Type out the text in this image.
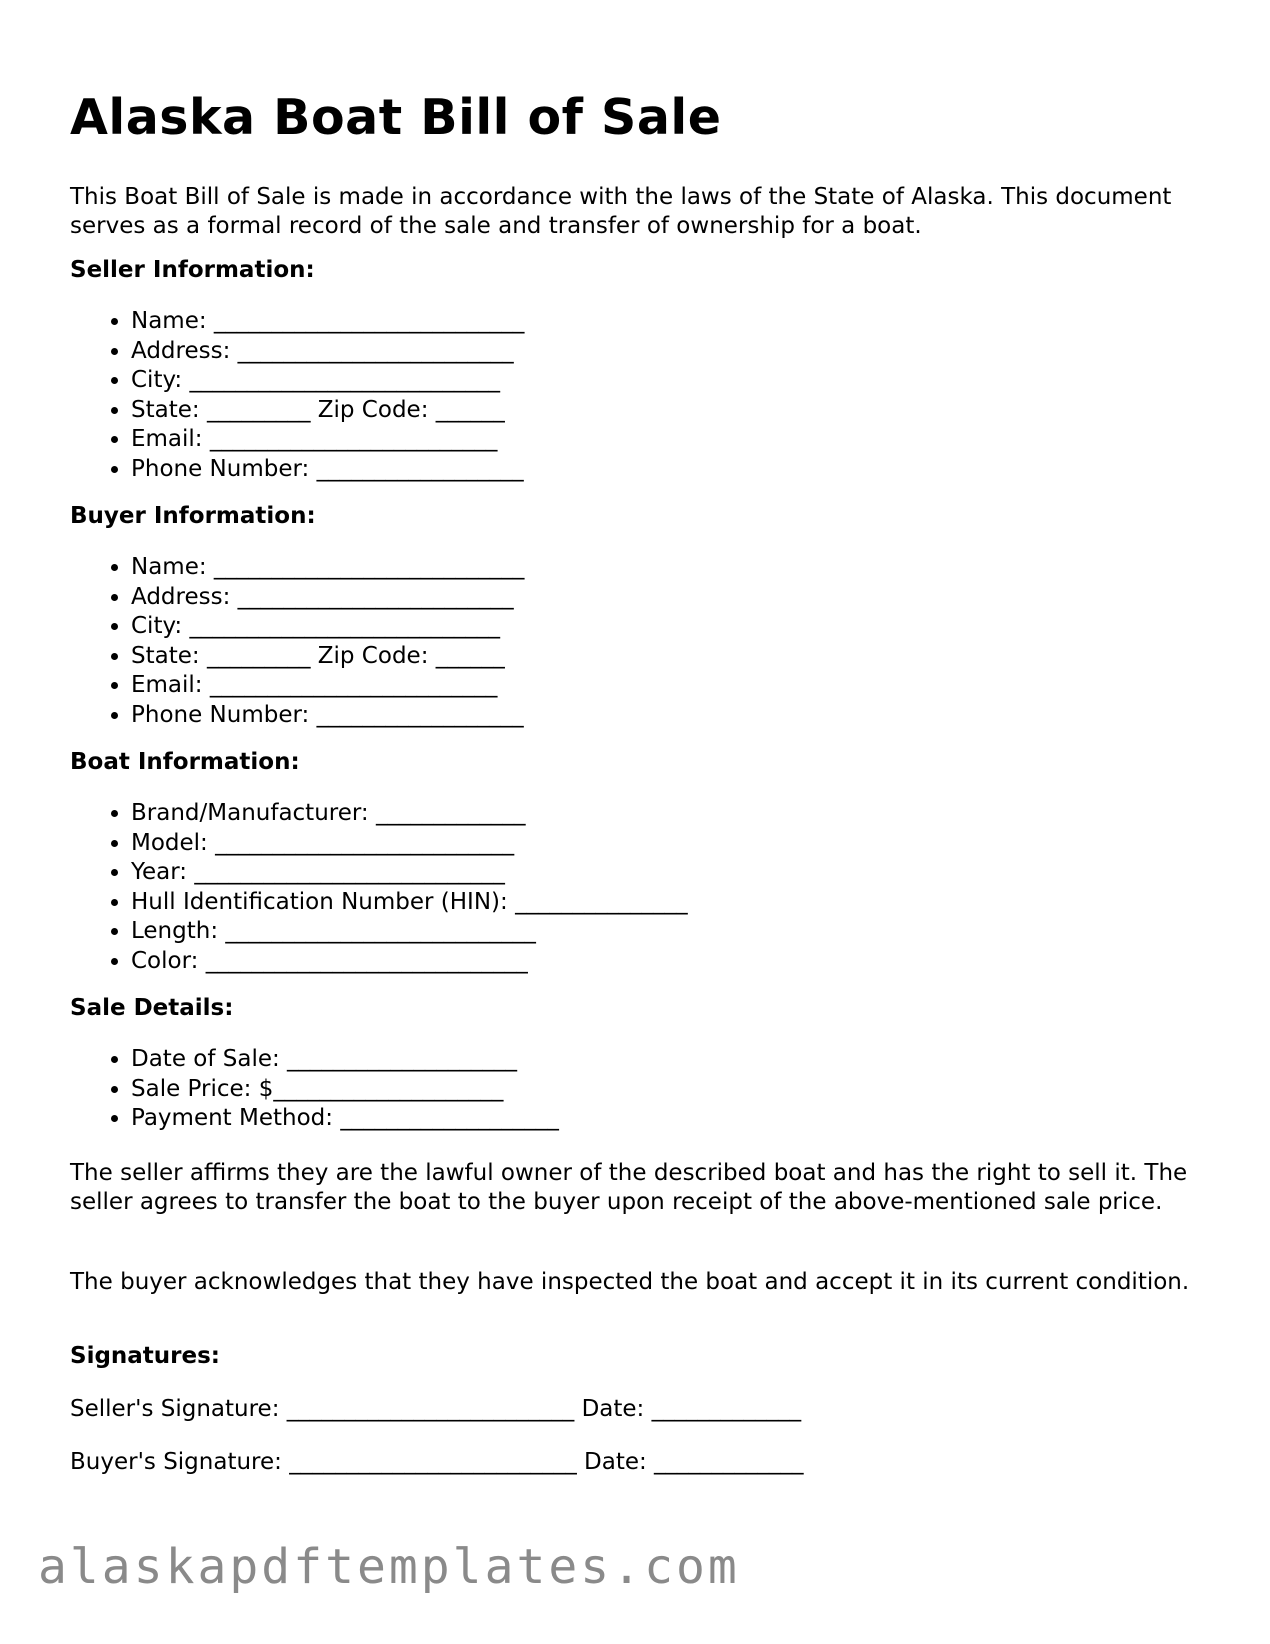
Alaska Boat Bill of Sale

This Boat Bill of Sale is made in accordance with the laws of the State of Alaska. This document serves as a formal record of the sale and transfer of ownership for a boat.

Seller Information:

• Name: ___________________________
• Address: ________________________
• City: ___________________________
• State: _________ Zip Code: ______
• Email: _________________________
• Phone Number: __________________

Buyer Information:

• Name: ___________________________
• Address: ________________________
• City: ___________________________
• State: _________ Zip Code: ______
• Email: _________________________
• Phone Number: __________________

Boat Information:

• Brand/Manufacturer: _____________
• Model: __________________________
• Year: ___________________________
• Hull Identification Number (HIN): _______________
• Length: ___________________________
• Color: ____________________________

Sale Details:

• Date of Sale: ____________________
• Sale Price: $____________________
• Payment Method: ___________________

The seller affirms they are the lawful owner of the described boat and has the right to sell it. The seller agrees to transfer the boat to the buyer upon receipt of the above-mentioned sale price.

The buyer acknowledges that they have inspected the boat and accept it in its current condition.

Signatures:

Seller's Signature: _________________________ Date: _____________

Buyer's Signature: _________________________ Date: _____________

alaskapdftemplates.com
